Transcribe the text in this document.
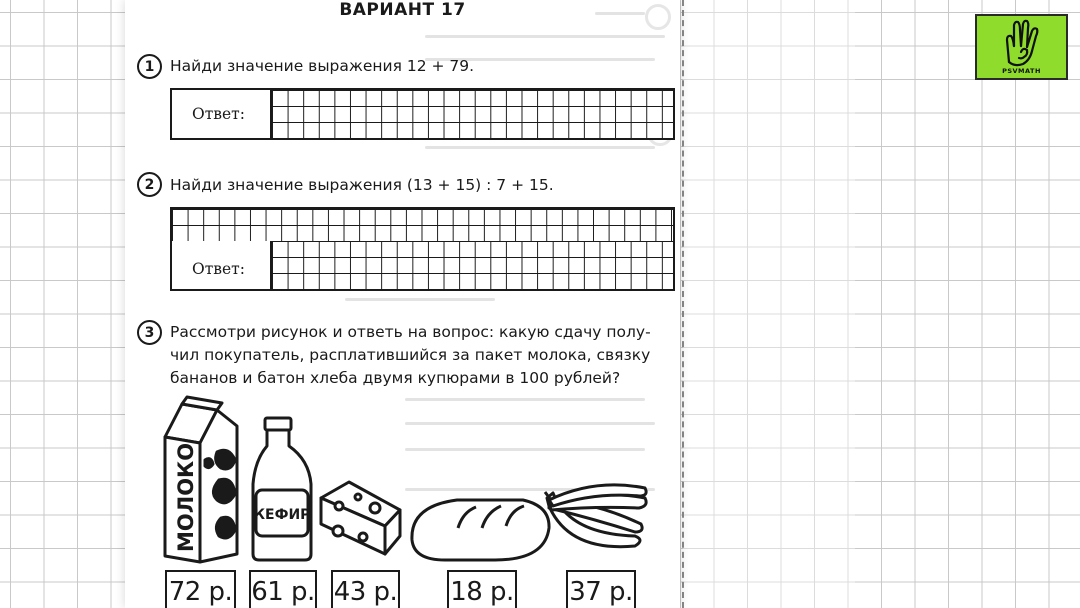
ВАРИАНТ 17
1	Найди значение выражения 12 + 79.
Ответ:
2	Найди значение выражения (13 + 15) : 7 + 15.
Ответ:
3	Рассмотри рисунок и ответь на вопрос: какую сдачу полу-
чил покупатель, расплатившийся за пакет молока, связку
бананов и батон хлеба двумя купюрами в 100 рублей?
МОЛОКО	КЕФИР
72 р. 61 р. 43 р. 18 р. 37 р.
PSVMATH
